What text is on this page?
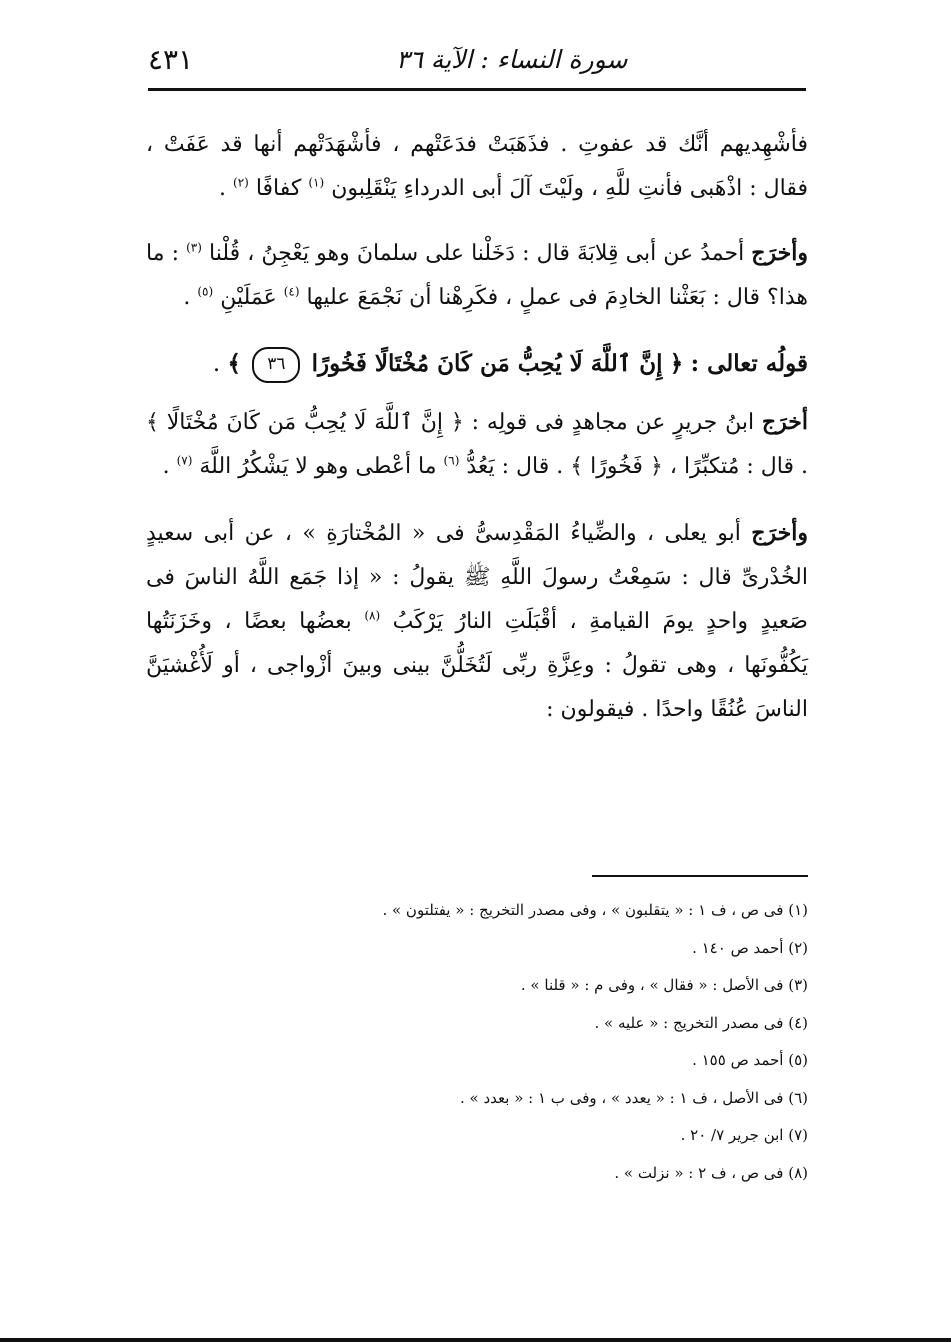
٤٣١	سورة النساء : الآية ٣٦

فأشْهِديهم أنَّك قد عفوتِ . فذَهَبَتْ فدَعَتْهم ، فأشْهَدَتْهم أنها قد عَفَتْ ، فقال : اذْهَبى فأنتِ للَّهِ ، ولَيْتَ آلَ أبى الدرداءِ يَنْقَلِبون $^{(١)}$ كفافًا $^{(٢)}$ .

وأخرَج أحمدُ عن أبى قِلابَةَ قال : دَخَلْنا على سلمانَ وهو يَعْجِنُ ، قُلْنا $^{(٣)}$ : ما هذا؟ قال : بَعَثْنا الخادِمَ فى عملٍ ، فكَرِهْنا أن نَجْمَعَ عليها $^{(٤)}$ عَمَلَيْنِ $^{(٥)}$ .

قولُه تعالى : ﴿ إِنَّ ٱللَّهَ لَا يُحِبُّ مَن كَانَ مُخْتَالًا فَخُورًا ٣٦ ﴾ .

أخرَج ابنُ جريرٍ عن مجاهدٍ فى قولِه : ﴿ إِنَّ ٱللَّهَ لَا يُحِبُّ مَن كَانَ مُخْتَالًا ﴾ . قال : مُتكبِّرًا ، ﴿ فَخُورًا ﴾ . قال : يَعُدُّ $^{(٦)}$ ما أعْطى وهو لا يَشْكُرُ اللَّهَ $^{(٧)}$ .

وأخرَج أبو يعلى ، والضِّياءُ المَقْدِسىُّ فى « المُخْتارَةِ » ، عن أبى سعيدٍ الخُدْرىِّ قال : سَمِعْتُ رسولَ اللَّهِ ﷺ يقولُ : « إذا جَمَع اللَّهُ الناسَ فى صَعيدٍ واحدٍ يومَ القيامةِ ، أقْبَلَتِ النارُ يَرْكَبُ $^{(٨)}$ بعضُها بعضًا ، وخَزَنَتُها يَكُفُّونَها ، وهى تقولُ : وعِزَّةِ ربِّى لَتُخَلُّنَّ بينى وبينَ أزْواجى ، أو لَأُغْشيَنَّ الناسَ عُنُقًا واحدًا . فيقولون :

(١) فى ص ، ف ١ : « يتقلبون » ، وفى مصدر التخريج : « يفتلتون » .

(٢) أحمد ص ١٤٠ .

(٣) فى الأصل : « فقال » ، وفى م : « قلنا » .

(٤) فى مصدر التخريج : « عليه » .

(٥) أحمد ص ١٥٥ .

(٦) فى الأصل ، ف ١ : « يعدد » ، وفى ب ١ : « بعدد » .

(٧) ابن جرير ٧/ ٢٠ .

(٨) فى ص ، ف ٢ : « نزلت » .
